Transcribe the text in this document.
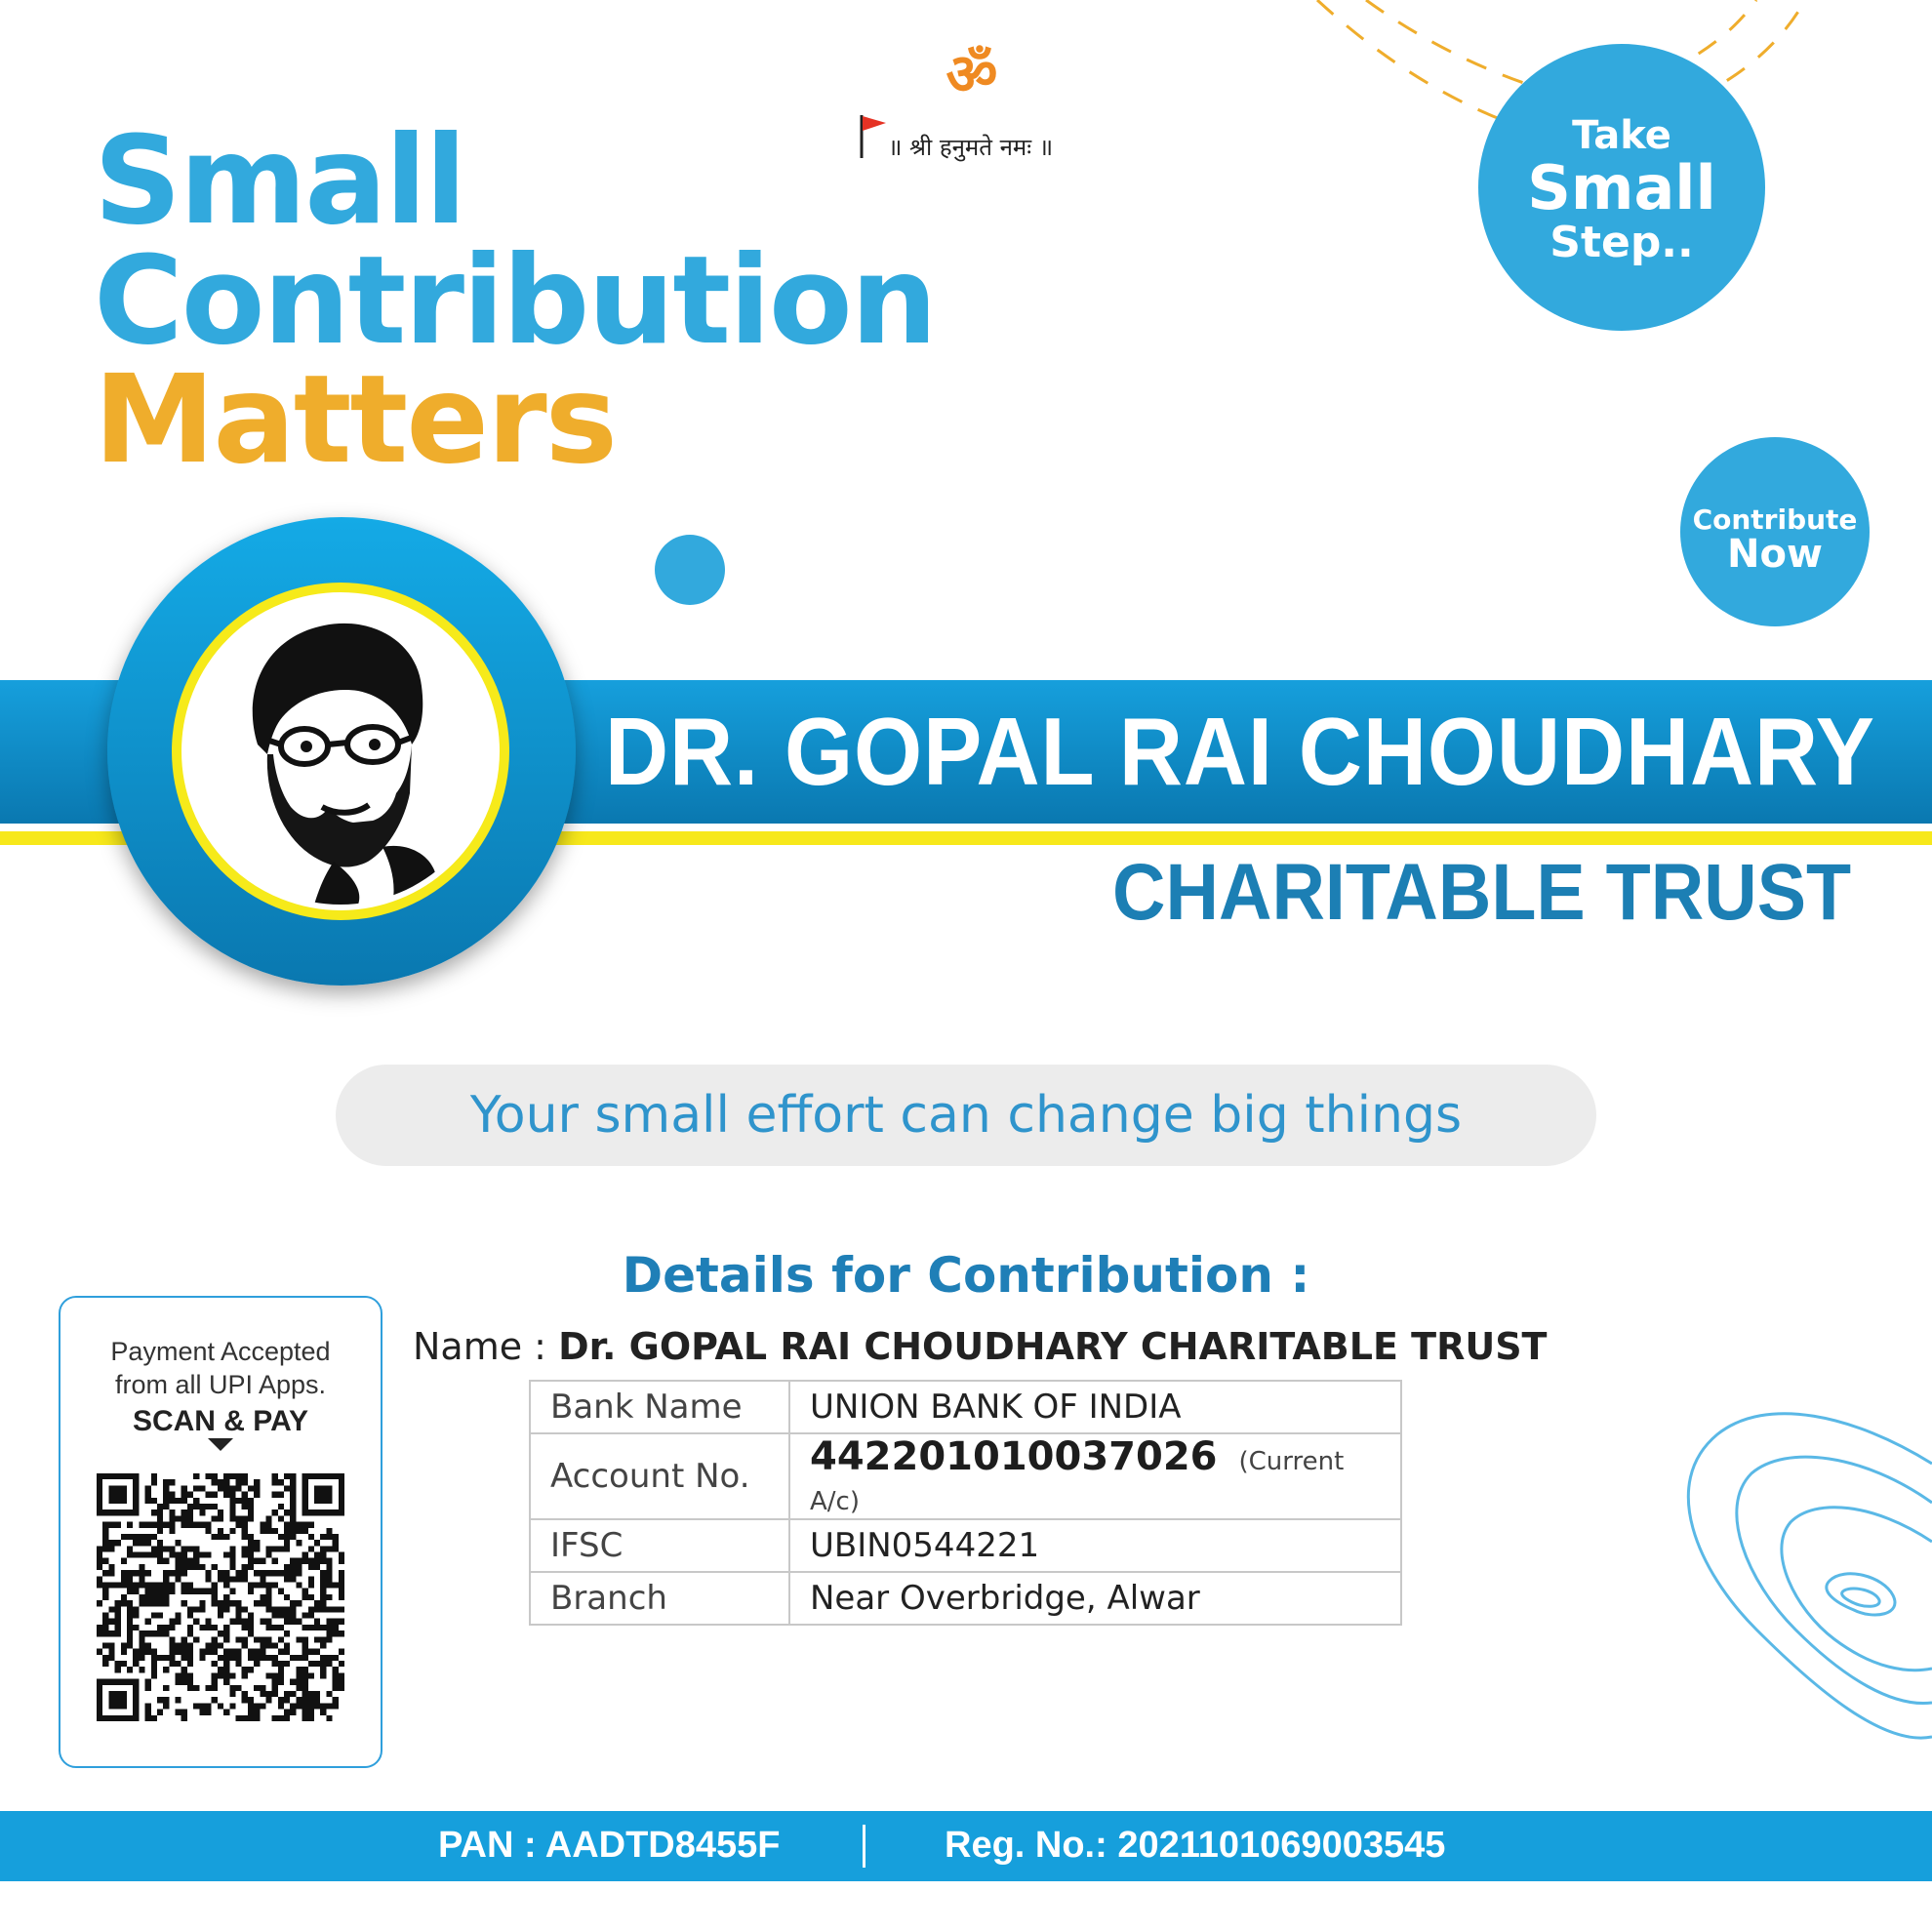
ॐ
॥ श्री हनुमते नमः ॥
Small
Contribution
Matters
Take
Small
Step..
Contribute
Now
DR. GOPAL RAI CHOUDHARY
CHARITABLE TRUST
Your small effort can change big things
Details for Contribution :
Name : Dr. GOPAL RAI CHOUDHARY CHARITABLE TRUST
Bank Name	UNION BANK OF INDIA
Account No.	442201010037026 (Current A/c)
IFSC	UBIN0544221
Branch	Near Overbridge, Alwar
Payment Accepted
from all UPI Apps.
SCAN & PAY
PAN : AADTD8455F	Reg. No.: 2021101069003545
